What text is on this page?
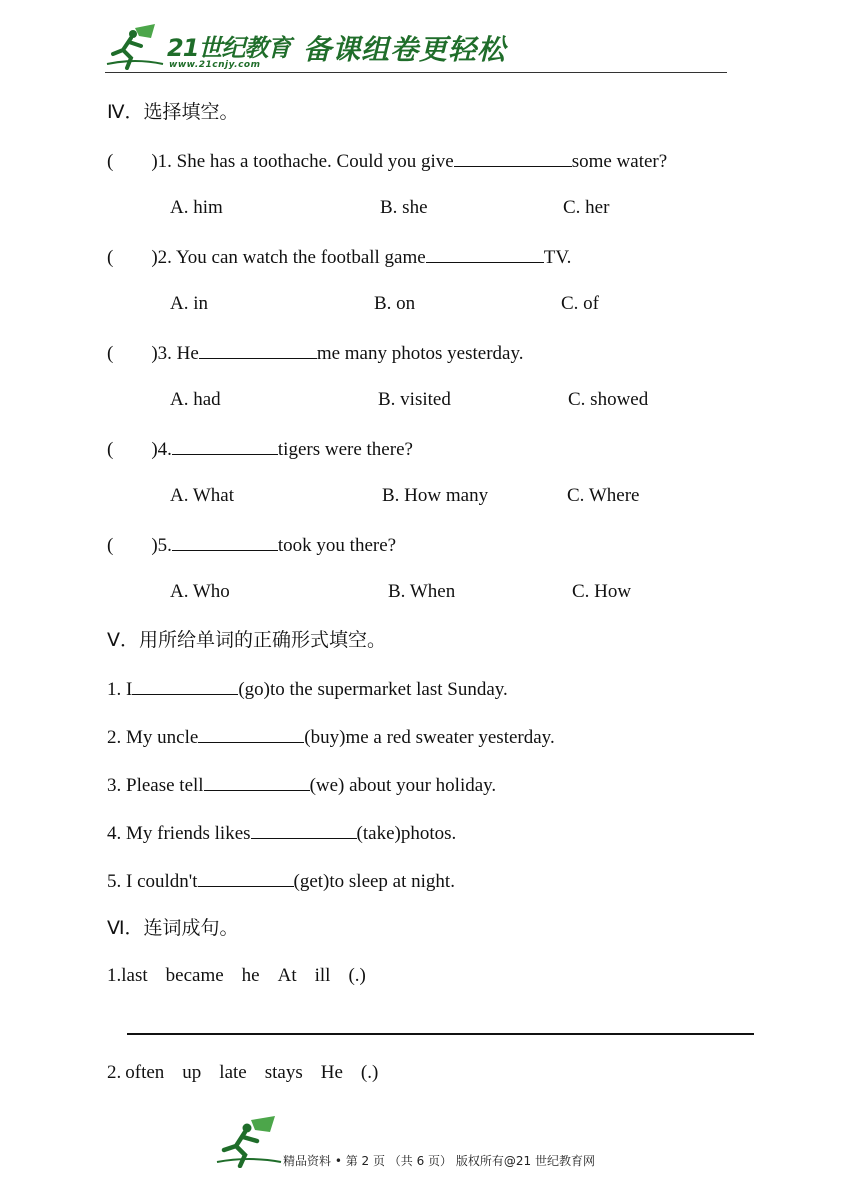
21世纪教育
www.21cnjy.com 备课组卷更轻松
Ⅳ．选择填空。
( )1. She has a toothache. Could you give	some water?
A. him	B. she	C. her
( )2. You can watch the football game	TV.
A. in	B. on	C. of
( )3. He	me many photos yesterday.
A. had	B. visited	C. showed
( )4.	tigers were there?
A. What	B. How many	C. Where
( )5.	took you there?
A. Who	B. When	C. How
V．用所给单词的正确形式填空。
1. I	(go)to the supermarket last Sunday.
2. My uncle	(buy)me a red sweater yesterday.
3. Please tell	(we) about your holiday.
4. My friends likes	(take)photos.
5. I couldn't	(get)to sleep at night.
Ⅵ．连词成句。
1.last became he At ill (.)
2. often up late stays He (.)
精品资料 • 第 2 页 （共 6 页） 版权所有@21 世纪教育网
